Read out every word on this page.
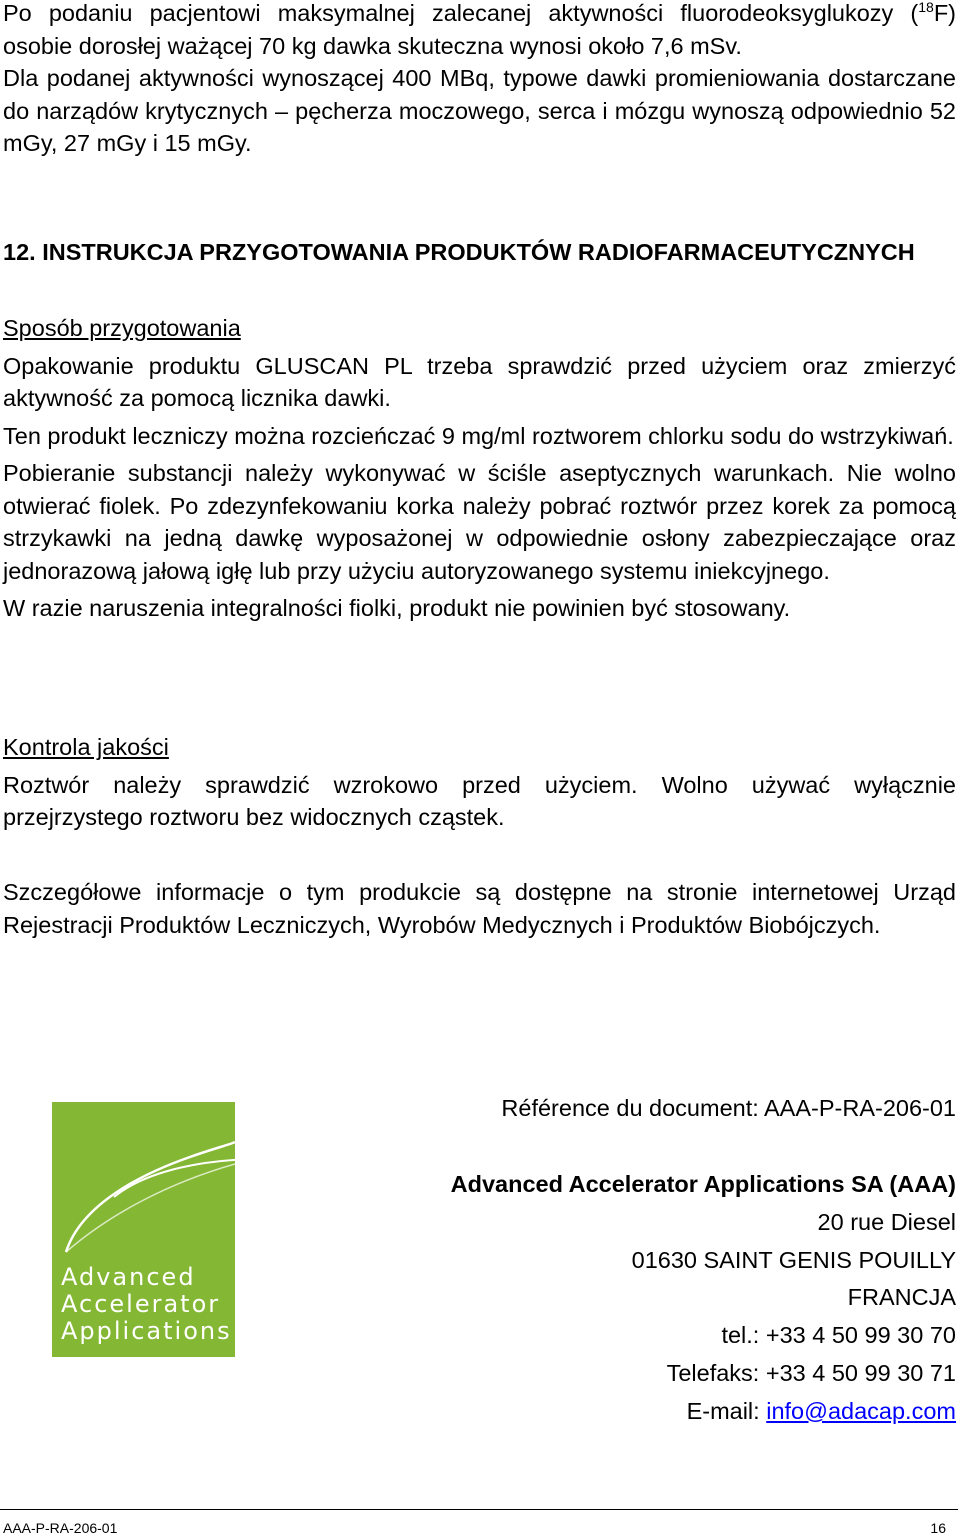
Po podaniu pacjentowi maksymalnej zalecanej aktywności fluorodeoksyglukozy ($^{18}$F) osobie dorosłej ważącej 70 kg dawka skuteczna wynosi około 7,6 mSv.

Dla podanej aktywności wynoszącej 400 MBq, typowe dawki promieniowania dostarczane do narządów krytycznych – pęcherza moczowego, serca i mózgu wynoszą odpowiednio 52 mGy, 27 mGy i 15 mGy.

12. INSTRUKCJA PRZYGOTOWANIA PRODUKTÓW RADIOFARMACEUTYCZNYCH

Sposób przygotowania

Opakowanie produktu GLUSCAN PL trzeba sprawdzić przed użyciem oraz zmierzyć aktywność za pomocą licznika dawki.

Ten produkt leczniczy można rozcieńczać 9 mg/ml roztworem chlorku sodu do wstrzykiwań.

Pobieranie substancji należy wykonywać w ściśle aseptycznych warunkach. Nie wolno otwierać fiolek. Po zdezynfekowaniu korka należy pobrać roztwór przez korek za pomocą strzykawki na jedną dawkę wyposażonej w odpowiednie osłony zabezpieczające oraz jednorazową jałową igłę lub przy użyciu autoryzowanego systemu iniekcyjnego.

W razie naruszenia integralności fiolki, produkt nie powinien być stosowany.

Kontrola jakości

Roztwór należy sprawdzić wzrokowo przed użyciem. Wolno używać wyłącznie przejrzystego roztworu bez widocznych cząstek.

Szczegółowe informacje o tym produkcie są dostępne na stronie internetowej Urząd Rejestracji Produktów Leczniczych, Wyrobów Medycznych i Produktów Biobójczych.

Advanced
Accelerator
Applications
Référence du document: AAA-P-RA-206-01
Advanced Accelerator Applications SA (AAA)
20 rue Diesel
01630 SAINT GENIS POUILLY
FRANCJA
tel.: +33 4 50 99 30 70
Telefaks: +33 4 50 99 30 71
E-mail: info@adacap.com
AAA-P-RA-206-01	16
